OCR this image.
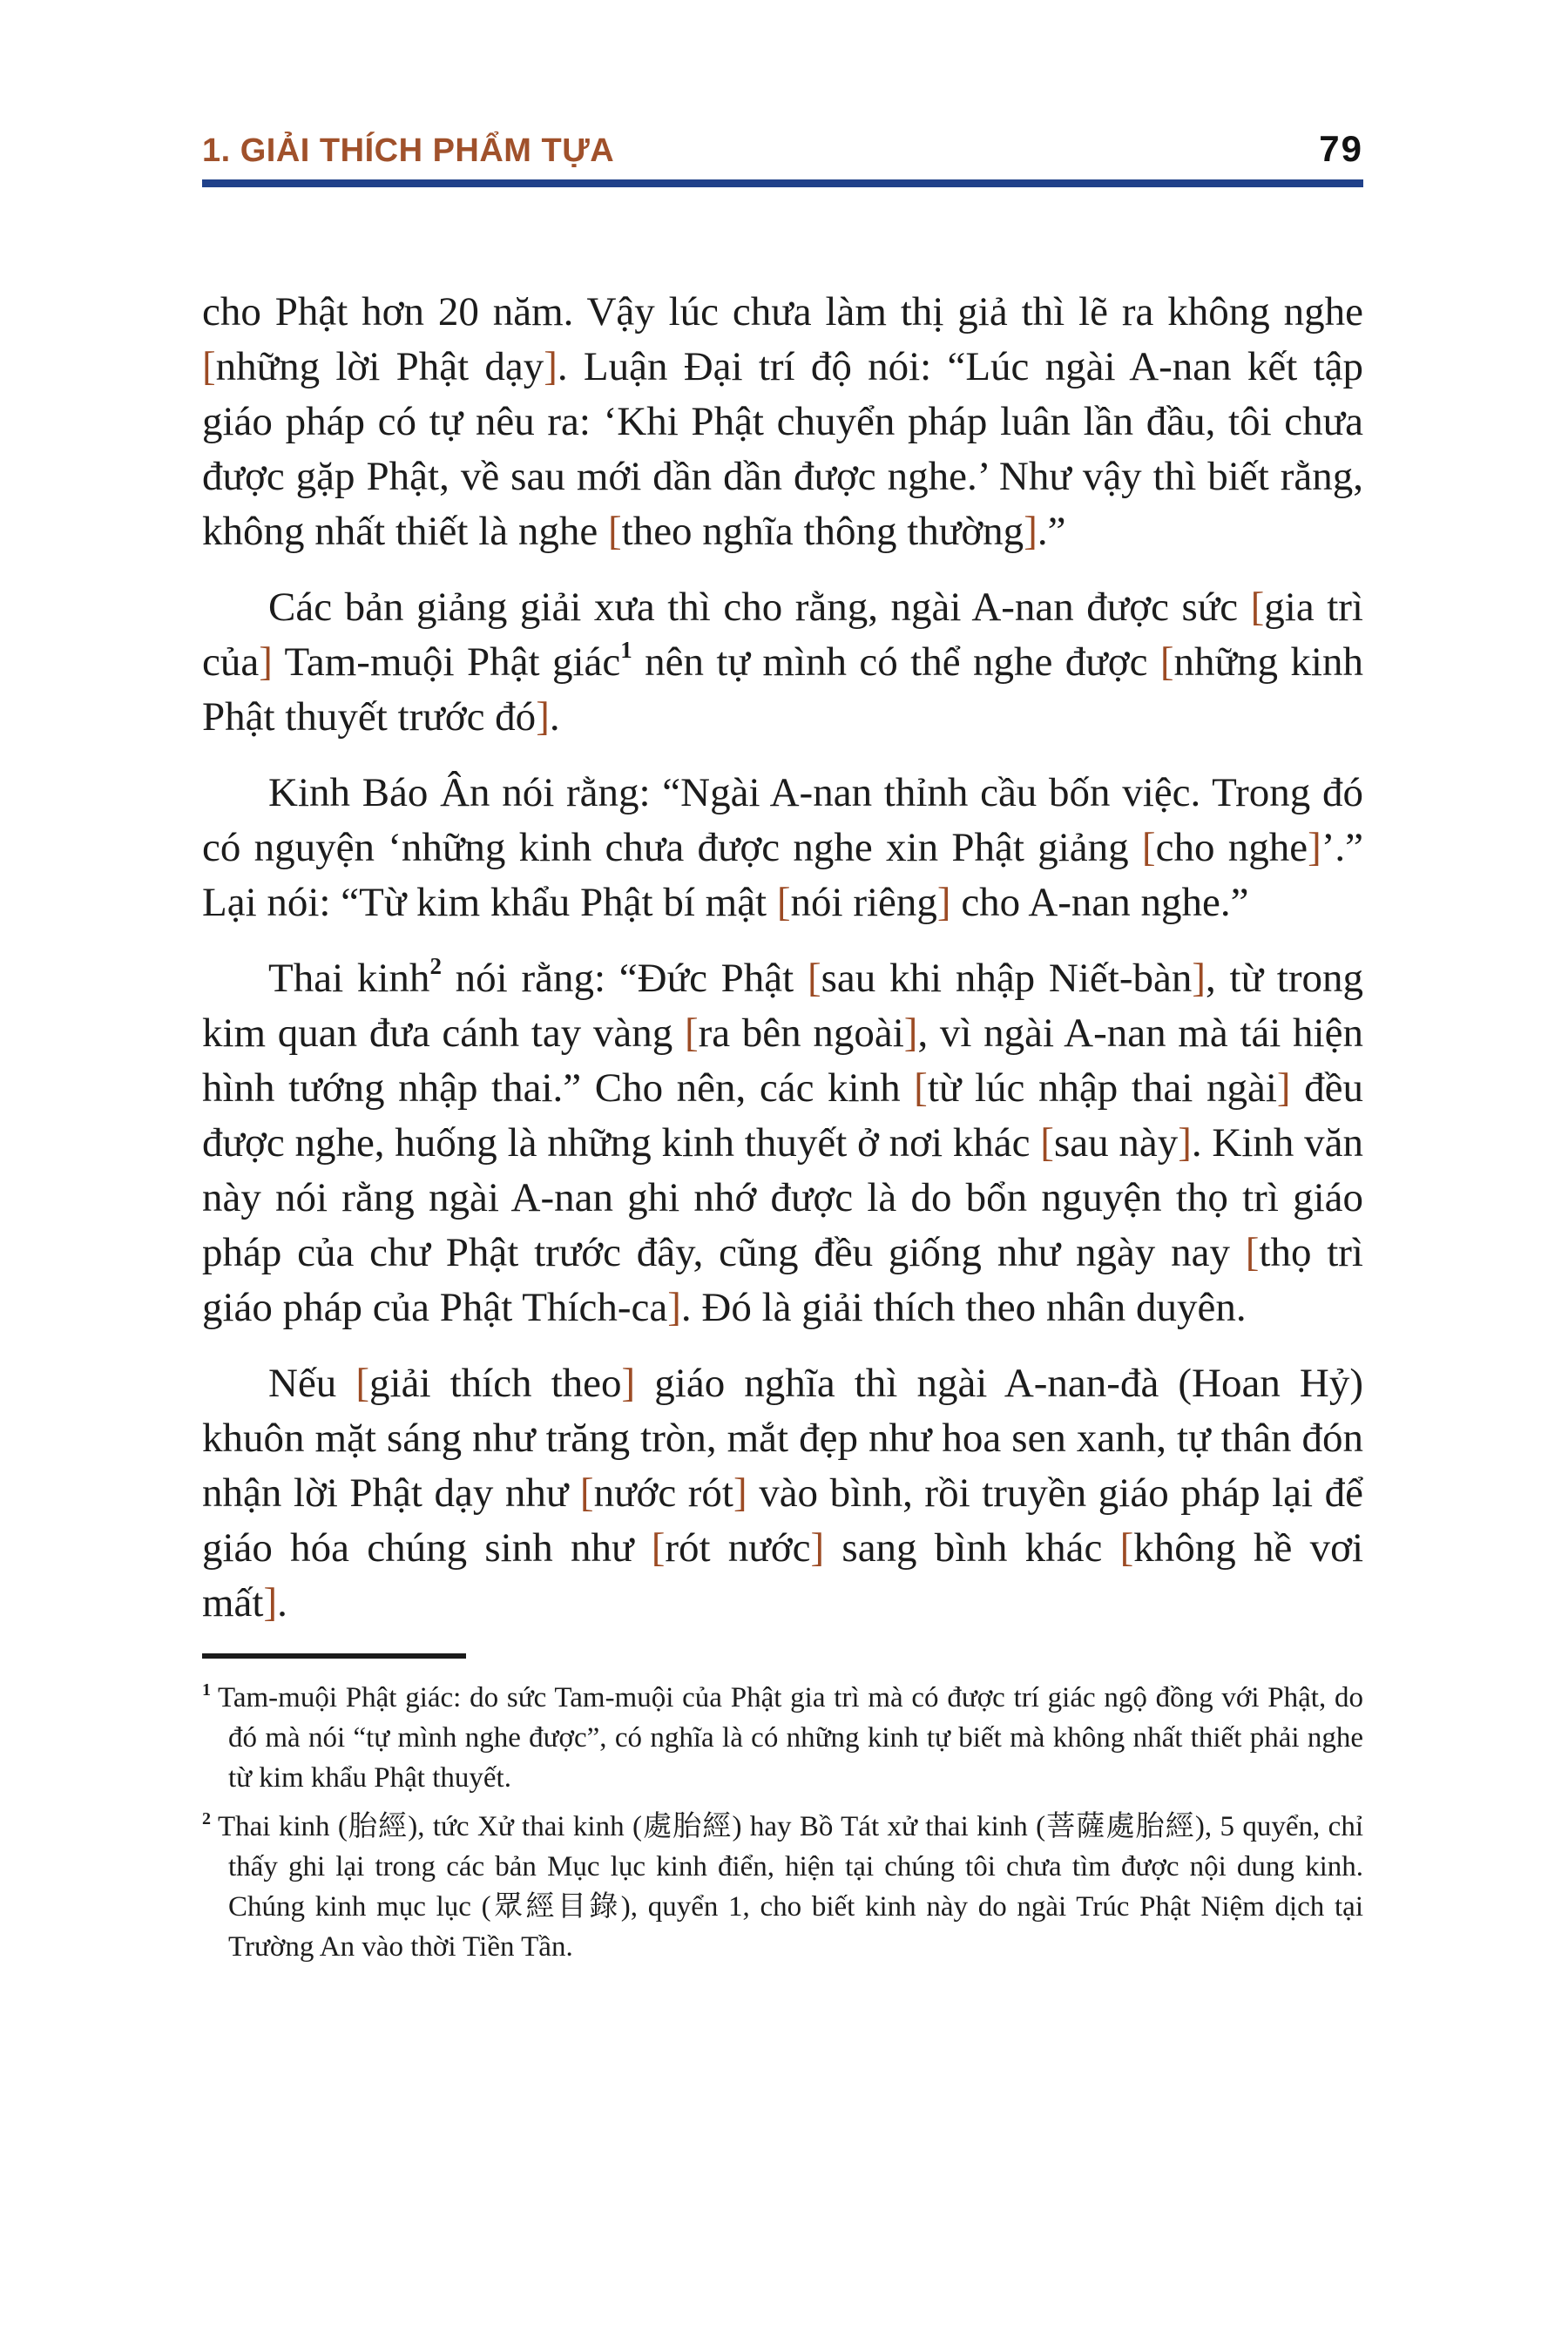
1. GIẢI THÍCH PHẨM TỰA	79

cho Phật hơn 20 năm. Vậy lúc chưa làm thị giả thì lẽ ra không nghe [những lời Phật dạy]. Luận Đại trí độ nói: “Lúc ngài A-nan kết tập giáo pháp có tự nêu ra: ‘Khi Phật chuyển pháp luân lần đầu, tôi chưa được gặp Phật, về sau mới dần dần được nghe.’ Như vậy thì biết rằng, không nhất thiết là nghe [theo nghĩa thông thường].”

Các bản giảng giải xưa thì cho rằng, ngài A-nan được sức [gia trì của] Tam-muội Phật giác$^1$ nên tự mình có thể nghe được [những kinh Phật thuyết trước đó].

Kinh Báo Ân nói rằng: “Ngài A-nan thỉnh cầu bốn việc. Trong đó có nguyện ‘những kinh chưa được nghe xin Phật giảng [cho nghe]’.” Lại nói: “Từ kim khẩu Phật bí mật [nói riêng] cho A-nan nghe.”

Thai kinh$^2$ nói rằng: “Đức Phật [sau khi nhập Niết-bàn], từ trong kim quan đưa cánh tay vàng [ra bên ngoài], vì ngài A-nan mà tái hiện hình tướng nhập thai.” Cho nên, các kinh [từ lúc nhập thai ngài] đều được nghe, huống là những kinh thuyết ở nơi khác [sau này]. Kinh văn này nói rằng ngài A-nan ghi nhớ được là do bổn nguyện thọ trì giáo pháp của chư Phật trước đây, cũng đều giống như ngày nay [thọ trì giáo pháp của Phật Thích-ca]. Đó là giải thích theo nhân duyên.

Nếu [giải thích theo] giáo nghĩa thì ngài A-nan-đà (Hoan Hỷ) khuôn mặt sáng như trăng tròn, mắt đẹp như hoa sen xanh, tự thân đón nhận lời Phật dạy như [nước rót] vào bình, rồi truyền giáo pháp lại để giáo hóa chúng sinh như [rót nước] sang bình khác [không hề vơi mất].

$^1$ Tam-muội Phật giác: do sức Tam-muội của Phật gia trì mà có được trí giác ngộ đồng với Phật, do đó mà nói “tự mình nghe được”, có nghĩa là có những kinh tự biết mà không nhất thiết phải nghe từ kim khẩu Phật thuyết.

$^2$ Thai kinh (胎經), tức Xử thai kinh (處胎經) hay Bồ Tát xử thai kinh (菩薩處胎經), 5 quyển, chỉ thấy ghi lại trong các bản Mục lục kinh điển, hiện tại chúng tôi chưa tìm được nội dung kinh. Chúng kinh mục lục (眾經目錄), quyển 1, cho biết kinh này do ngài Trúc Phật Niệm dịch tại Trường An vào thời Tiền Tần.
